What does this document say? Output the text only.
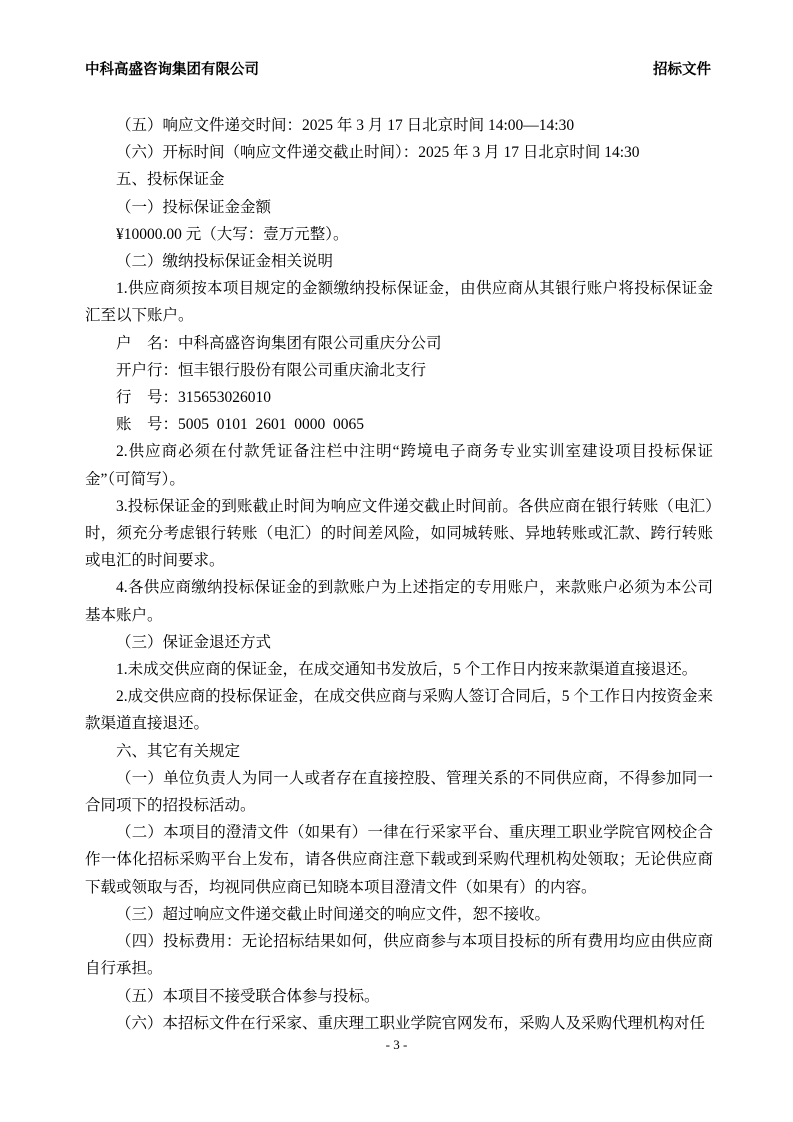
中科高盛咨询集团有限公司	招标文件

（五）响应文件递交时间：2025 年 3 月 17 日北京时间 14:00—14:30

（六）开标时间（响应文件递交截止时间）：2025 年 3 月 17 日北京时间 14:30

五、投标保证金

（一）投标保证金金额

¥10000.00 元（大写：壹万元整）。

（二）缴纳投标保证金相关说明

1.供应商须按本项目规定的金额缴纳投标保证金，由供应商从其银行账户将投标保证金汇至以下账户。

户　名：中科高盛咨询集团有限公司重庆分公司

开户行：恒丰银行股份有限公司重庆渝北支行

行　号：315653026010

账　号：5005  0101  2601  0000  0065

2.供应商必须在付款凭证备注栏中注明“跨境电子商务专业实训室建设项目投标保证金”（可简写）。

3.投标保证金的到账截止时间为响应文件递交截止时间前。各供应商在银行转账（电汇）时，须充分考虑银行转账（电汇）的时间差风险，如同城转账、异地转账或汇款、跨行转账或电汇的时间要求。

4.各供应商缴纳投标保证金的到款账户为上述指定的专用账户，来款账户必须为本公司基本账户。

（三）保证金退还方式

1.未成交供应商的保证金，在成交通知书发放后，5 个工作日内按来款渠道直接退还。

2.成交供应商的投标保证金，在成交供应商与采购人签订合同后，5 个工作日内按资金来款渠道直接退还。

六、其它有关规定

（一）单位负责人为同一人或者存在直接控股、管理关系的不同供应商，不得参加同一合同项下的招投标活动。

（二）本项目的澄清文件（如果有）一律在行采家平台、重庆理工职业学院官网校企合作一体化招标采购平台上发布，请各供应商注意下载或到采购代理机构处领取；无论供应商下载或领取与否，均视同供应商已知晓本项目澄清文件（如果有）的内容。

（三）超过响应文件递交截止时间递交的响应文件，恕不接收。

（四）投标费用：无论招标结果如何，供应商参与本项目投标的所有费用均应由供应商自行承担。

（五）本项目不接受联合体参与投标。

（六）本招标文件在行采家、重庆理工职业学院官网发布，采购人及采购代理机构对任

- 3 -
